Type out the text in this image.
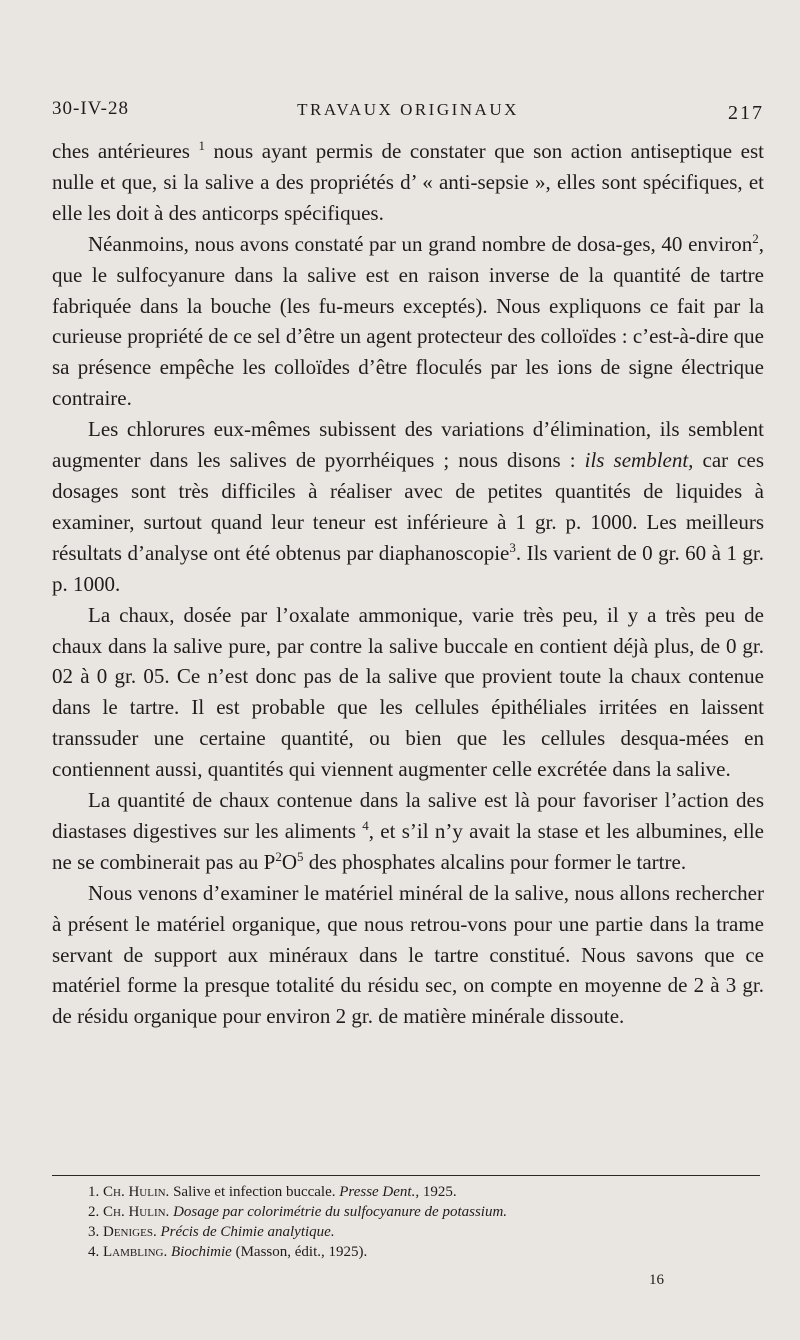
30-IV-28	TRAVAUX ORIGINAUX	217

ches antérieures $^1$ nous ayant permis de constater que son action antiseptique est nulle et que, si la salive a des propriétés d’ « anti-sepsie », elles sont spécifiques, et elle les doit à des anticorps spécifiques.

Néanmoins, nous avons constaté par un grand nombre de dosa-ges, 40 environ$^2$, que le sulfocyanure dans la salive est en raison inverse de la quantité de tartre fabriquée dans la bouche (les fu-meurs exceptés). Nous expliquons ce fait par la curieuse propriété de ce sel d’être un agent protecteur des colloïdes : c’est-à-dire que sa présence empêche les colloïdes d’être floculés par les ions de signe électrique contraire.

Les chlorures eux-mêmes subissent des variations d’élimination, ils semblent augmenter dans les salives de pyorrhéiques ; nous disons : ils semblent, car ces dosages sont très difficiles à réaliser avec de petites quantités de liquides à examiner, surtout quand leur teneur est inférieure à 1 gr. p. 1000. Les meilleurs résultats d’analyse ont été obtenus par diaphanoscopie$^3$. Ils varient de 0 gr. 60 à 1 gr. p. 1000.

La chaux, dosée par l’oxalate ammonique, varie très peu, il y a très peu de chaux dans la salive pure, par contre la salive buccale en contient déjà plus, de 0 gr. 02 à 0 gr. 05. Ce n’est donc pas de la salive que provient toute la chaux contenue dans le tartre. Il est probable que les cellules épithéliales irritées en laissent transsuder une certaine quantité, ou bien que les cellules desqua-mées en contiennent aussi, quantités qui viennent augmenter celle excrétée dans la salive.

La quantité de chaux contenue dans la salive est là pour favoriser l’action des diastases digestives sur les aliments $^4$, et s’il n’y avait la stase et les albumines, elle ne se combinerait pas au $P^2O^5$ des phosphates alcalins pour former le tartre.

Nous venons d’examiner le matériel minéral de la salive, nous allons rechercher à présent le matériel organique, que nous retrou-vons pour une partie dans la trame servant de support aux minéraux dans le tartre constitué. Nous savons que ce matériel forme la presque totalité du résidu sec, on compte en moyenne de 2 à 3 gr. de résidu organique pour environ 2 gr. de matière minérale dissoute.

1. Ch. Hulin. Salive et infection buccale. Presse Dent., 1925.
2. Ch. Hulin. Dosage par colorimétrie du sulfocyanure de potassium.
3. Deniges. Précis de Chimie analytique.
4. Lambling. Biochimie (Masson, édit., 1925).
16
